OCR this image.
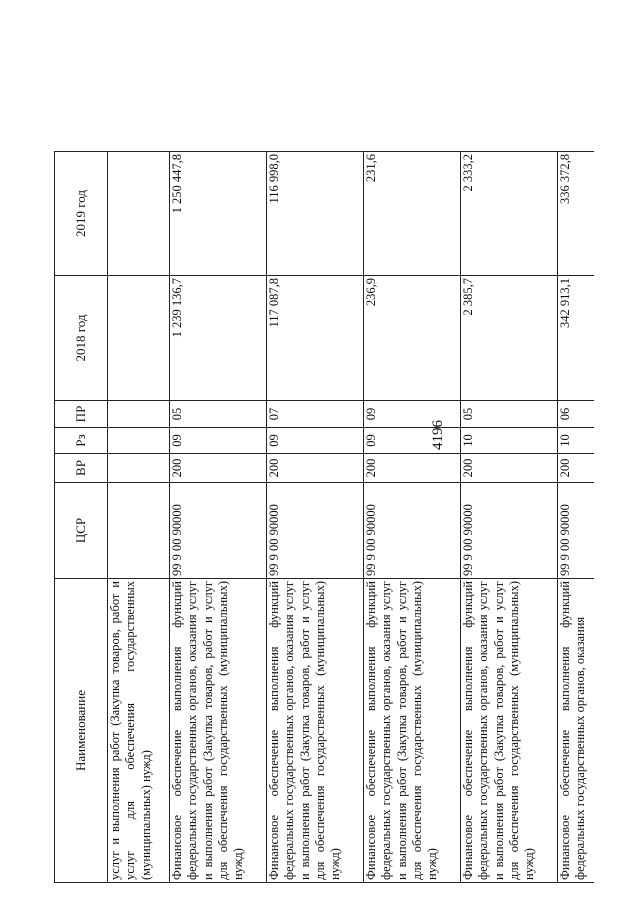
4196
Наименование	ЦСР	ВР	Рз	ПР	2018 год	2019 год
услуг и выполнения работ (Закупка товаров, работ и услуг для обеспечения государственных (муниципальных) нужд)						
Финансовое обеспечение выполнения функций федеральных государственных органов, оказания услуг и выполнения работ (Закупка товаров, работ и услуг для обеспечения государственных (муниципальных) нужд)	99 9 00 90000	200	09	05	1 239 136,7	1 250 447,8
Финансовое обеспечение выполнения функций федеральных государственных органов, оказания услуг и выполнения работ (Закупка товаров, работ и услуг для обеспечения государственных (муниципальных) нужд)	99 9 00 90000	200	09	07	117 087,8	116 998,0
Финансовое обеспечение выполнения функций федеральных государственных органов, оказания услуг и выполнения работ (Закупка товаров, работ и услуг для обеспечения государственных (муниципальных) нужд)	99 9 00 90000	200	09	09	236,9	231,6
Финансовое обеспечение выполнения функций федеральных государственных органов, оказания услуг и выполнения работ (Закупка товаров, работ и услуг для обеспечения государственных (муниципальных) нужд)	99 9 00 90000	200	10	05	2 385,7	2 333,2
Финансовое обеспечение выполнения функций федеральных государственных органов, оказания	99 9 00 90000	200	10	06	342 913,1	336 372,8
